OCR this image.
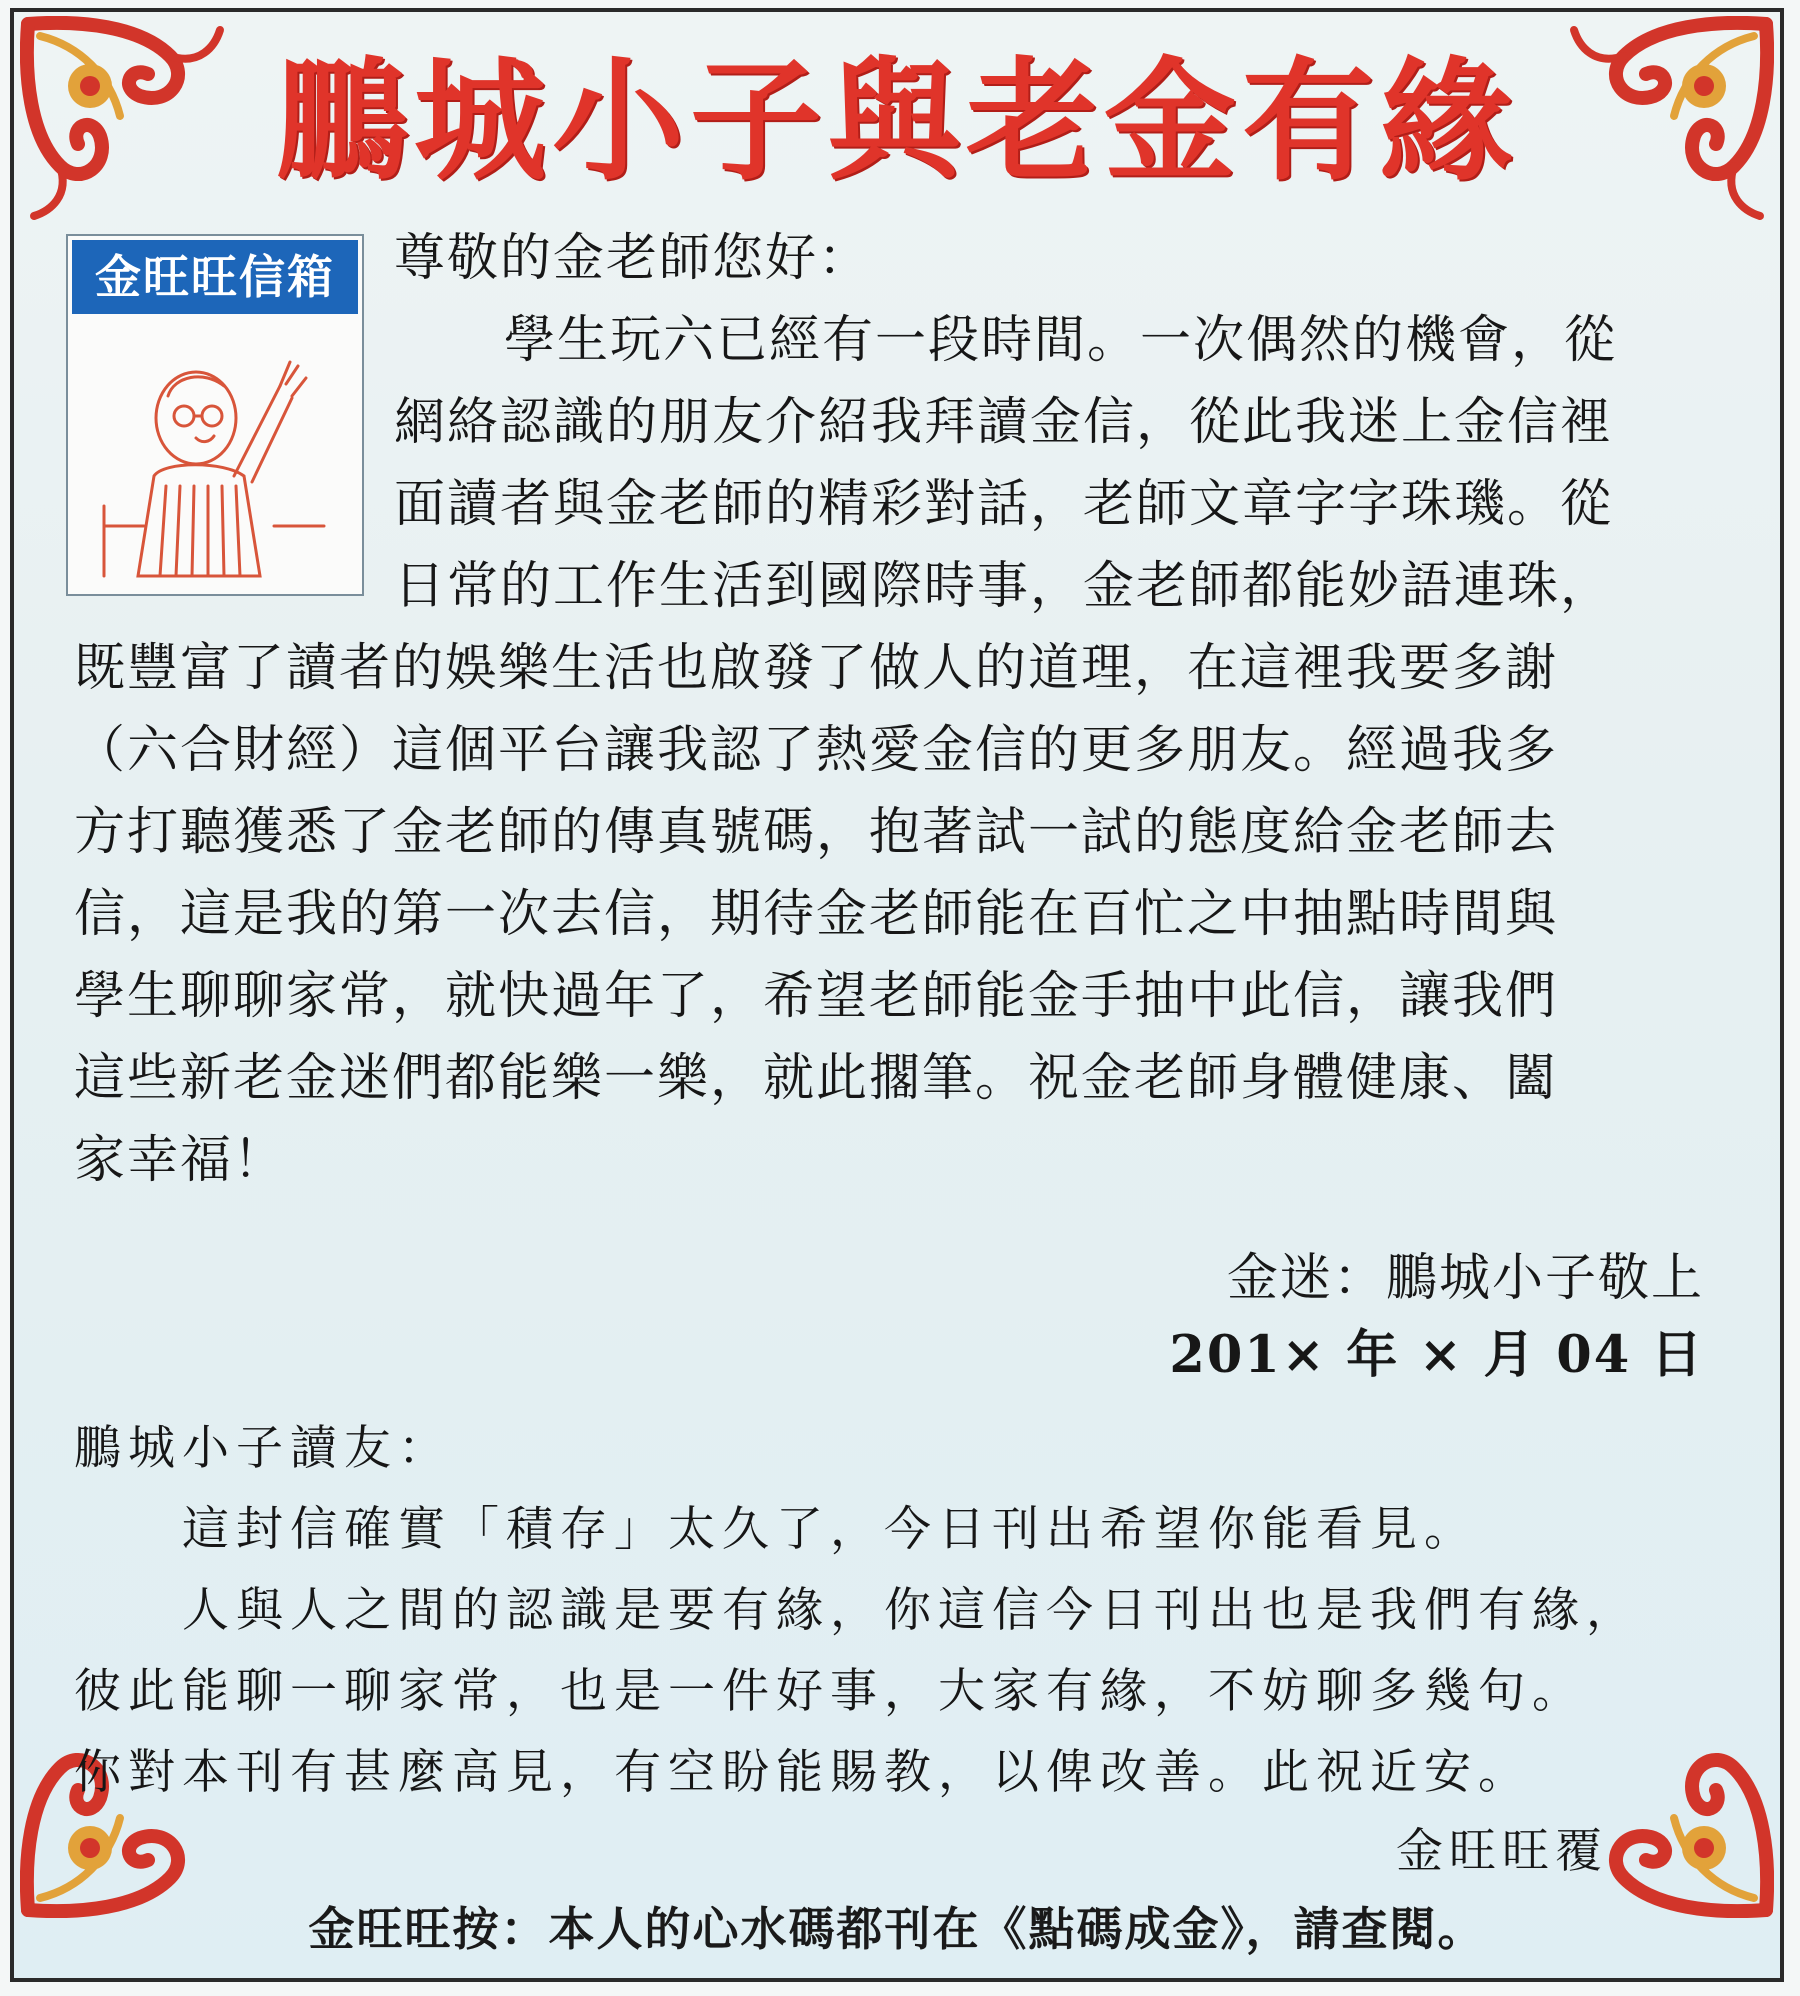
鵬城小子與老金有緣
金旺旺信箱	尊敬的金老師您好：
學生玩六已經有一段時間。一次偶然的機會，從
網絡認識的朋友介紹我拜讀金信，從此我迷上金信裡
面讀者與金老師的精彩對話，老師文章字字珠璣。從
日常的工作生活到國際時事，金老師都能妙語連珠，
既豐富了讀者的娛樂生活也啟發了做人的道理，在這裡我要多謝
（六合財經）這個平台讓我認了熱愛金信的更多朋友。經過我多
方打聽獲悉了金老師的傳真號碼，抱著試一試的態度給金老師去
信，這是我的第一次去信，期待金老師能在百忙之中抽點時間與
學生聊聊家常，就快過年了，希望老師能金手抽中此信，讓我們
這些新老金迷們都能樂一樂，就此擱筆。祝金老師身體健康、闔
家幸福！
金迷：鵬城小子敬上
201× 年 × 月 04 日
鵬城小子讀友：
這封信確實「積存」太久了，今日刊出希望你能看見。
人與人之間的認識是要有緣，你這信今日刊出也是我們有緣，
彼此能聊一聊家常，也是一件好事，大家有緣，不妨聊多幾句。
你對本刊有甚麼高見，有空盼能賜教，以俾改善。此祝近安。
金旺旺覆
金旺旺按：本人的心水碼都刊在《點碼成金》，請查閱。
